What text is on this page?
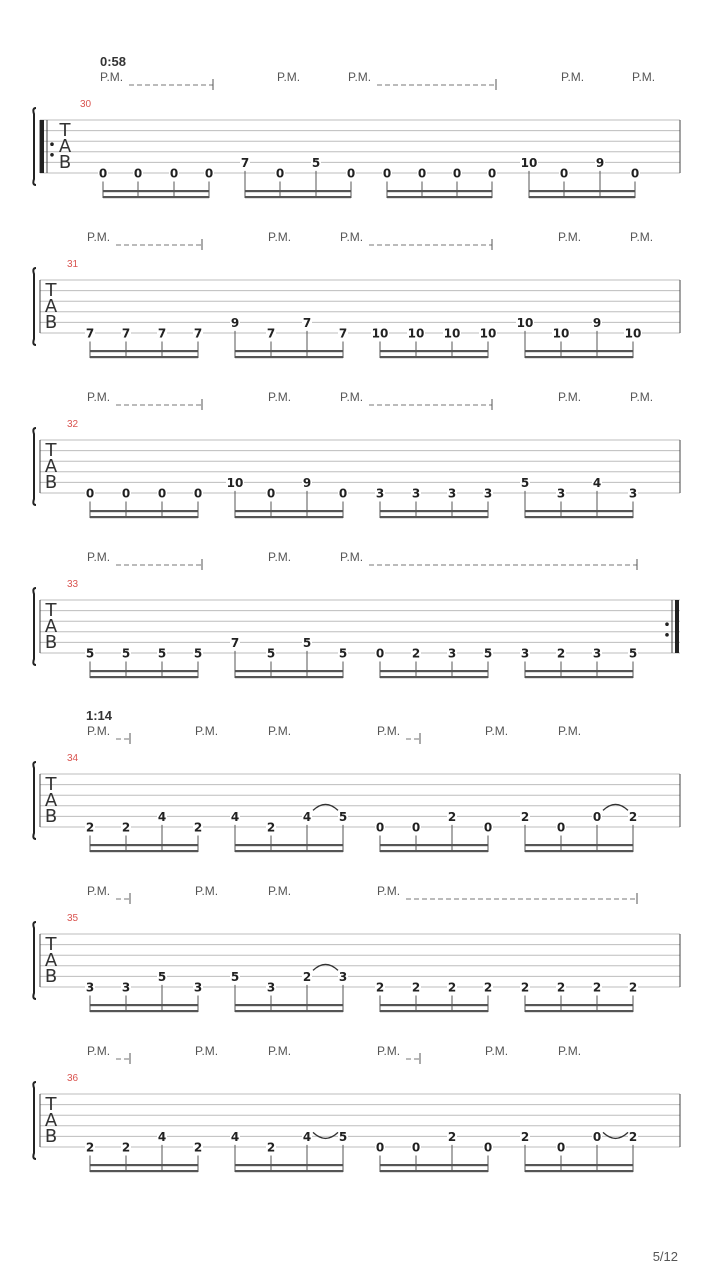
0:58
30
T
A
B
0 0 0 0
7
0
5
0 0 0 0 0
10
0
9
0
P.M.	P.M.	P.M.	P.M.	P.M.
31
T
A
B
7 7 7 7
9
7
7
7 10 10 10 10
10
10
9
10
P.M.	P.M.	P.M.	P.M.	P.M.
32
T
A
B
0 0 0 0
10
0
9
0 3 3 3 3
5
3
4
3
P.M.	P.M.	P.M.	P.M.	P.M.
33
T
A
B
5 5 5 5
7
5
5
5 0 2 3 5 3 2 3 5
P.M.	P.M.	P.M.
1:14
34
T
A
B
2 2
4
2
4
2
4 5
0 0
2
0
2
0
0 2
P.M.	P.M.	P.M.	P.M.	P.M.	P.M.
35
T
A
B
3 3
5
3
5
3
2 3
2 2 2 2 2 2 2 2
P.M.	P.M.	P.M.	P.M.
36
T
A
B
2 2
4
2
4
2
4 5
0 0
2
0
2
0
0 2
P.M.	P.M.	P.M.	P.M.	P.M.	P.M.
5/12
